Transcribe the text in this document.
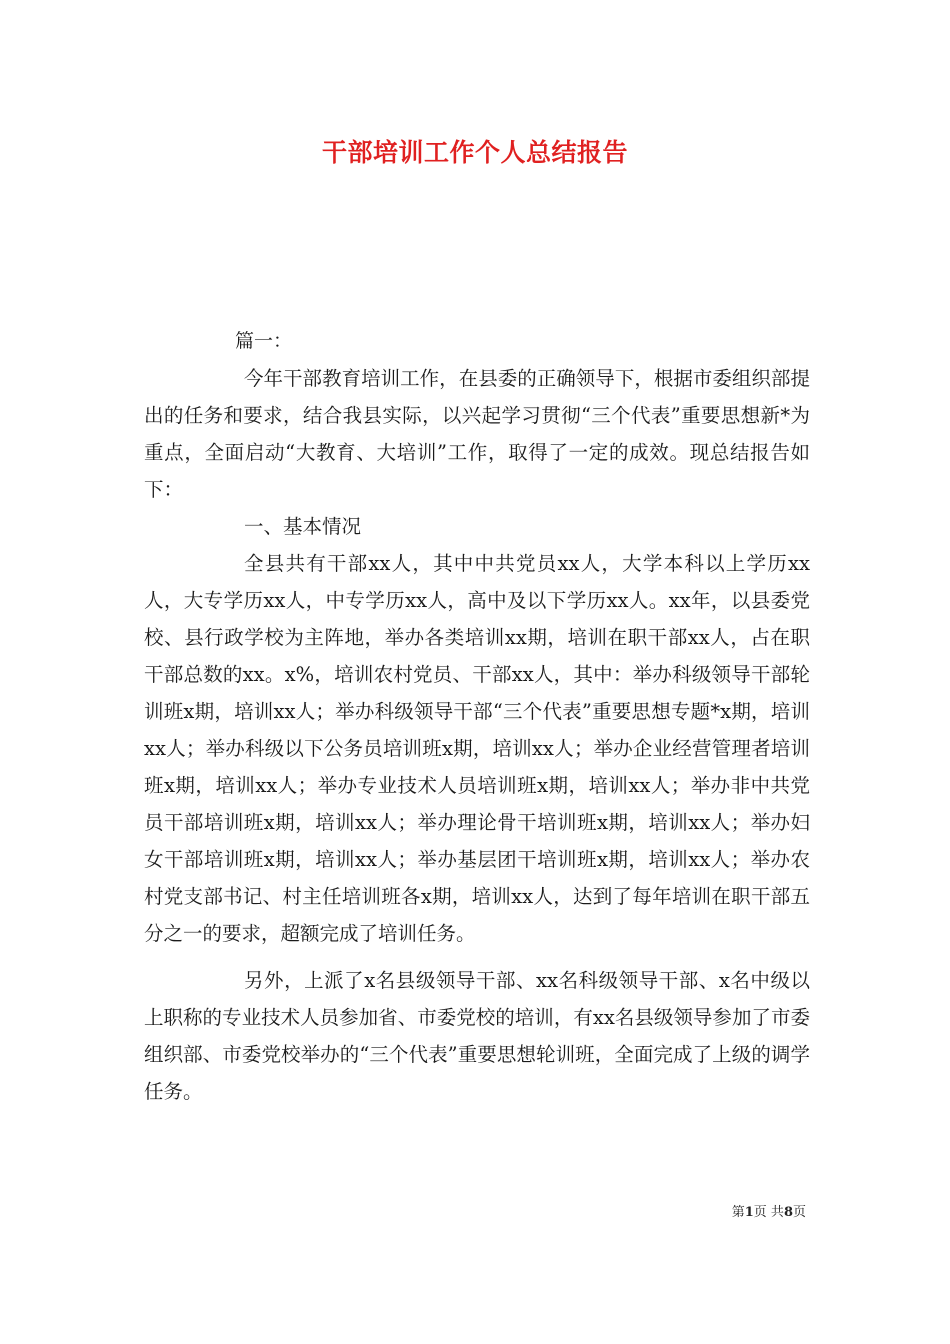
干部培训工作个人总结报告
篇一：

今年干部教育培训工作，在县委的正确领导下，根据市委组织部提出的任务和要求，结合我县实际，以兴起学习贯彻“三个代表”重要思想新*为重点，全面启动“大教育、大培训”工作，取得了一定的成效。现总结报告如下：

一、基本情况

全县共有干部xx人，其中中共党员xx人，大学本科以上学历xx人，大专学历xx人，中专学历xx人，高中及以下学历xx人。xx年，以县委党校、县行政学校为主阵地，举办各类培训xx期，培训在职干部xx人，占在职干部总数的xx。x%，培训农村党员、干部xx人，其中：举办科级领导干部轮训班x期，培训xx人；举办科级领导干部“三个代表”重要思想专题*x期，培训xx人；举办科级以下公务员培训班x期，培训xx人；举办企业经营管理者培训班x期，培训xx人；举办专业技术人员培训班x期，培训xx人；举办非中共党员干部培训班x期，培训xx人；举办理论骨干培训班x期，培训xx人；举办妇女干部培训班x期，培训xx人；举办基层团干培训班x期，培训xx人；举办农村党支部书记、村主任培训班各x期，培训xx人，达到了每年培训在职干部五分之一的要求，超额完成了培训任务。

另外，上派了x名县级领导干部、xx名科级领导干部、x名中级以上职称的专业技术人员参加省、市委党校的培训，有xx名县级领导参加了市委组织部、市委党校举办的“三个代表”重要思想轮训班，全面完成了上级的调学任务。

第1页 共8页
